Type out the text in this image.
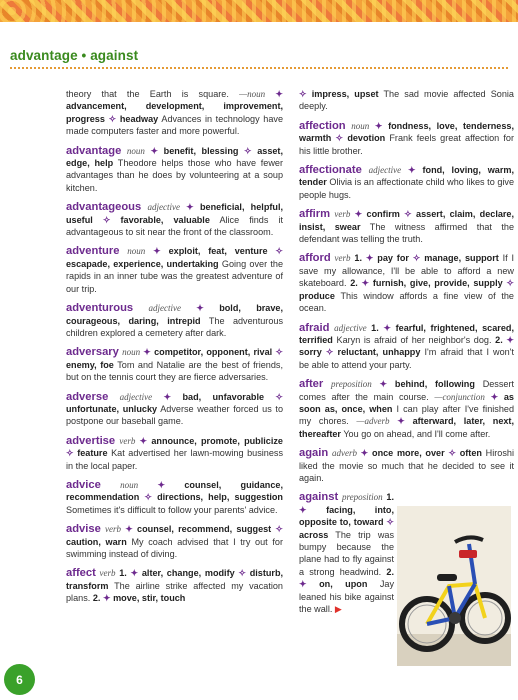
advantage • against
theory that the Earth is square. —noun ✦ advancement, development, improvement, progress ✧ headway Advances in technology have made computers faster and more powerful.
advantage noun ✦ benefit, blessing ✧ asset, edge, help Theodore helps those who have fewer advantages than he does by volunteering at a soup kitchen.
advantageous adjective ✦ beneficial, helpful, useful ✧ favorable, valuable Alice finds it advantageous to sit near the front of the classroom.
adventure noun ✦ exploit, feat, venture ✧ escapade, experience, undertaking Going over the rapids in an inner tube was the greatest adventure of our trip.
adventurous adjective ✦ bold, brave, courageous, daring, intrepid The adventurous children explored a cemetery after dark.
adversary noun ✦ competitor, opponent, rival ✧ enemy, foe Tom and Natalie are the best of friends, but on the tennis court they are fierce adversaries.
adverse adjective ✦ bad, unfavorable ✧ unfortunate, unlucky Adverse weather forced us to postpone our baseball game.
advertise verb ✦ announce, promote, publicize ✧ feature Kat advertised her lawn-mowing business in the local paper.
advice noun ✦ counsel, guidance, recommendation ✧ directions, help, suggestion Sometimes it's difficult to follow your parents' advice.
advise verb ✦ counsel, recommend, suggest ✧ caution, warn My coach advised that I try out for swimming instead of diving.
affect verb 1. ✦ alter, change, modify ✧ disturb, transform The airline strike affected my vacation plans. 2. ✦ move, stir, touch
✧ impress, upset The sad movie affected Sonia deeply.
affection noun ✦ fondness, love, tenderness, warmth ✧ devotion Frank feels great affection for his little brother.
affectionate adjective ✦ fond, loving, warm, tender Olivia is an affectionate child who likes to give people hugs.
affirm verb ✦ confirm ✧ assert, claim, declare, insist, swear The witness affirmed that the defendant was telling the truth.
afford verb 1. ✦ pay for ✧ manage, support If I save my allowance, I'll be able to afford a new skateboard. 2. ✦ furnish, give, provide, supply ✧ produce This window affords a fine view of the ocean.
afraid adjective 1. ✦ fearful, frightened, scared, terrified Karyn is afraid of her neighbor's dog. 2. ✦ sorry ✧ reluctant, unhappy I'm afraid that I won't be able to attend your party.
after preposition ✦ behind, following Dessert comes after the main course. —conjunction ✦ as soon as, once, when I can play after I've finished my chores. —adverb ✦ afterward, later, next, thereafter You go on ahead, and I'll come after.
again adverb ✦ once more, over ✧ often Hiroshi liked the movie so much that he decided to see it again.
against preposition 1. ✦ facing, into, opposite to, toward ✧ across The trip was bumpy because the plane had to fly against a strong headwind. 2. ✦ on, upon Jay leaned his bike against the wall. ▶
6
